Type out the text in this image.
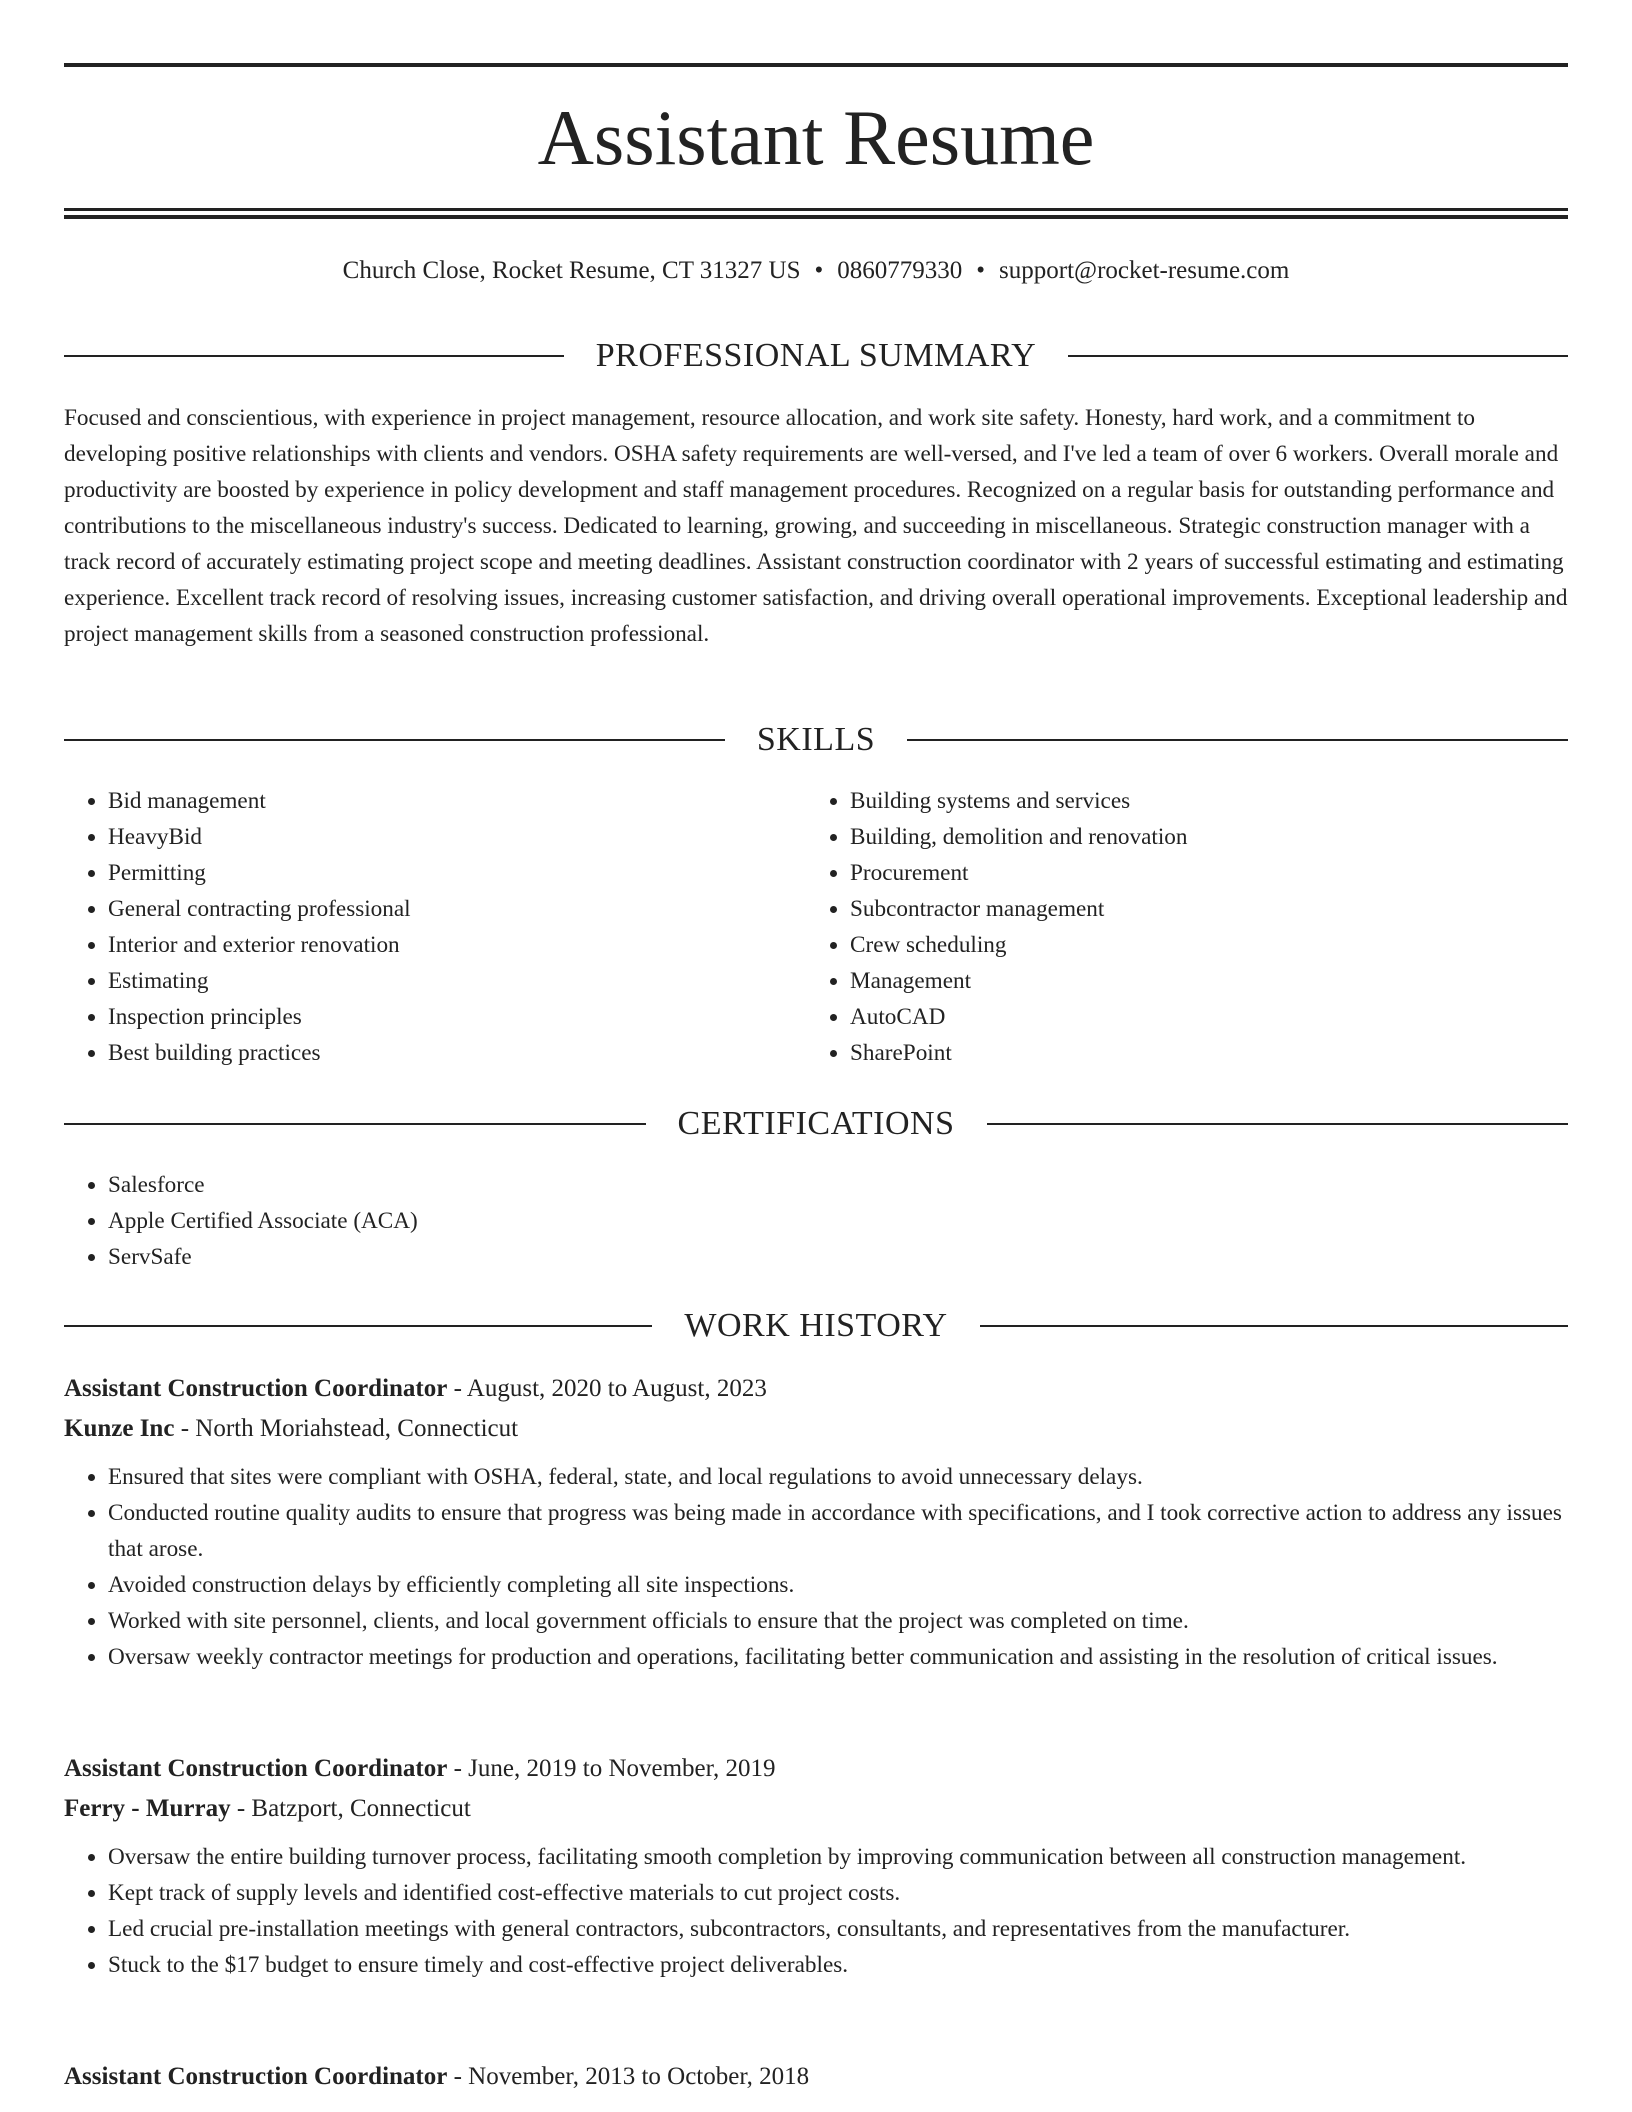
Assistant Resume
Church Close, Rocket Resume, CT 31327 US • 0860779330 • support@rocket-resume.com
PROFESSIONAL SUMMARY

Focused and conscientious, with experience in project management, resource allocation, and work site safety. Honesty, hard work, and a commitment to developing positive relationships with clients and vendors. OSHA safety requirements are well-versed, and I've led a team of over 6 workers. Overall morale and productivity are boosted by experience in policy development and staff management procedures. Recognized on a regular basis for outstanding performance and contributions to the miscellaneous industry's success. Dedicated to learning, growing, and succeeding in miscellaneous. Strategic construction manager with a track record of accurately estimating project scope and meeting deadlines. Assistant construction coordinator with 2 years of successful estimating and estimating experience. Excellent track record of resolving issues, increasing customer satisfaction, and driving overall operational improvements. Exceptional leadership and project management skills from a seasoned construction professional.

SKILLS
• Bid management
• HeavyBid
• Permitting
• General contracting professional
• Interior and exterior renovation
• Estimating
• Inspection principles
• Best building practices
• Building systems and services
• Building, demolition and renovation
• Procurement
• Subcontractor management
• Crew scheduling
• Management
• AutoCAD
• SharePoint
CERTIFICATIONS
• Salesforce
• Apple Certified Associate (ACA)
• ServSafe
WORK HISTORY
Assistant Construction Coordinator - August, 2020 to August, 2023
Kunze Inc - North Moriahstead, Connecticut
• Ensured that sites were compliant with OSHA, federal, state, and local regulations to avoid unnecessary delays.
• Conducted routine quality audits to ensure that progress was being made in accordance with specifications, and I took corrective action to address any issues that arose.
• Avoided construction delays by efficiently completing all site inspections.
• Worked with site personnel, clients, and local government officials to ensure that the project was completed on time.
• Oversaw weekly contractor meetings for production and operations, facilitating better communication and assisting in the resolution of critical issues.
Assistant Construction Coordinator - June, 2019 to November, 2019
Ferry - Murray - Batzport, Connecticut
• Oversaw the entire building turnover process, facilitating smooth completion by improving communication between all construction management.
• Kept track of supply levels and identified cost-effective materials to cut project costs.
• Led crucial pre-installation meetings with general contractors, subcontractors, consultants, and representatives from the manufacturer.
• Stuck to the $17 budget to ensure timely and cost-effective project deliverables.
Assistant Construction Coordinator - November, 2013 to October, 2018
